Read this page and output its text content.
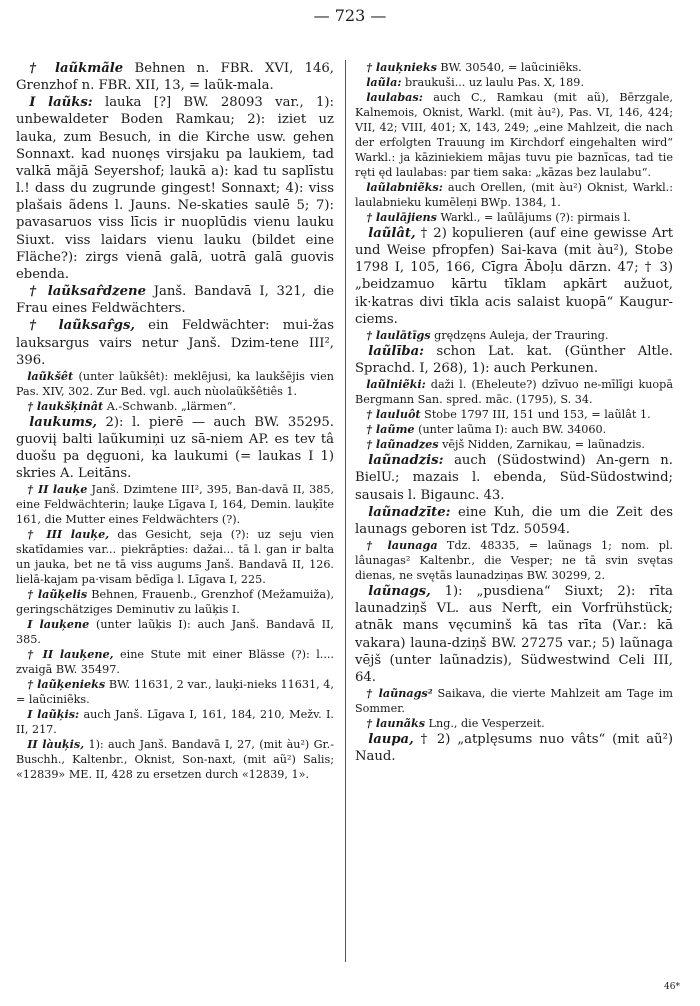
— 723 —

† laũkmãle Behnen n. FBR. XVI, 146, Grenzhof n. FBR. XII, 13, = laũk-mala.

I laũks: lauka [?] BW. 28093 var., 1): unbewaldeter Boden Ramkau; 2): iziet uz lauka, zum Besuch, in die Kirche usw. gehen Sonnaxt. kad nuonęs virsjaku pa laukiem, tad valkā mãjā Seyershof; laukā a): kad tu saplīstu l.! dass du zugrunde gingest! Sonnaxt; 4): viss plašais ãdens l. Jauns. Ne-skaties saulē 5; 7): pavasaruos viss līcis ir nuoplūdis vienu lauku Siuxt. viss laidars vienu lauku (bildet eine Fläche?): zirgs vienā galā, uotrā galā guovis ebenda.

† laũksar̂dzene Janš. Bandavā I, 321, die Frau eines Feldwächters.

† laũksar̂gs, ein Feldwächter: mui-žas lauksargus vairs netur Janš. Dzim-tene III², 396.

laũkšêt (unter laũkšêt): meklējusi, ka laukšējis vien Pas. XIV, 302. Zur Bed. vgl. auch nùolaũkšêtiês 1.

† laukšķinât A.-Schwanb. „lärmen“.

laukums, 2): l. pierē — auch BW. 35295. guoviį balti laũkumiņi uz sā-niem AP. es tev tâ duošu pa dęguoni, ka laukumi (= laukas I 1) skries A. Leitāns.

† II lauķe Janš. Dzimtene III², 395, Ban-davā II, 385, eine Feldwächterin; lauķe Līgava I, 164, Demin. lauķīte 161, die Mutter eines Feldwächters (?).

† III lauķe, das Gesicht, seja (?): uz seju vien skatīdamies var... piekrāpties: dažai... tā l. gan ir balta un jauka, bet ne tā viss augums Janš. Bandavā II, 126. lielā-kajam pa·visam bēdīga l. Līgava I, 225.

† laũķelis Behnen, Frauenb., Grenzhof (Mežamuiža), geringschätziges Deminutiv zu laũķis I.

I lauķene (unter laũķis I): auch Janš. Bandavā II, 385.

† II lauķene, eine Stute mit einer Blässe (?): l.... zvaigā BW. 35497.

† laũķenieks BW. 11631, 2 var., lauķi-nieks 11631, 4, = laũciniẽks.

I laũķis: auch Janš. Līgava I, 161, 184, 210, Mežv. I. II, 217.

II làuķis, 1): auch Janš. Bandavā I, 27, (mit àu²) Gr.-Buschh., Kaltenbr., Oknist, Son-naxt, (mit aũ²) Salis; «12839» ME. II, 428 zu ersetzen durch «12839, 1».

† lauķnieks BW. 30540, = laũciniẽks.

laũla: braukuši... uz laulu Pas. X, 189.

laulabas: auch C., Ramkau (mit aũ), Bērzgale, Kalnemois, Oknist, Warkl. (mit àu²), Pas. VI, 146, 424; VII, 42; VIII, 401; X, 143, 249; „eine Mahlzeit, die nach der erfolgten Trauung im Kirchdorf eingehalten wird“ Warkl.: ja kāziniekiem mājas tuvu pie baznīcas, tad tie ręti ęd laulabas: par tiem saka: „kāzas bez laulabu“.

laũlabniẽks: auch Orellen, (mit àu²) Oknist, Warkl.: laulabnieku kumēleņi BWp. 1384, 1.

† laulājiens Warkl., = laũlājums (?): pirmais l.

laũlât, † 2) kopulieren (auf eine gewisse Art und Weise pfropfen) Sai-kava (mit àu²), Stobe 1798 I, 105, 166, Cīgra Āboļu dārzn. 47; † 3) „beidzamuo kārtu tīklam apkārt aužuot, ik·katras divi tīkla acis salaist kuopā“ Kaugur-ciems.

† laulātīgs grędzęns Auleja, der Trauring.

laũlība: schon Lat. kat. (Günther Altle. Sprachd. I, 268), 1): auch Perkunen.

laũlniẽki: daži l. (Eheleute?) dzīvuo ne-mīlīgi kuopā Bergmann San. spred. māc. (1795), S. 34.

† lauluôt Stobe 1797 III, 151 und 153, = laũlât 1.

† laũme (unter laũma I): auch BW. 34060.

† laũnadzes vējš Nidden, Zarnikau, = laũnadzis.

laũnadzis: auch (Südostwind) An-gern n. BielU.; mazais l. ebenda, Süd-Südostwind; sausais l. Bigaunc. 43.

laũnadzīte: eine Kuh, die um die Zeit des launags geboren ist Tdz. 50594.

† launaga Tdz. 48335, = laũnags 1; nom. pl. lâunagas² Kaltenbr., die Vesper; ne tā svin svętas dienas, ne svętās launadziņas BW. 30299, 2.

laũnags, 1): „pusdiena“ Siuxt; 2): rīta launadziņš VL. aus Nerft, ein Vorfrühstück; atnāk mans vęcuminš kā tas rīta (Var.: kā vakara) launa-dziņš BW. 27275 var.; 5) laũnaga vējš (unter laũnadzis), Südwestwind Celi III, 64.

† laũnags² Saikava, die vierte Mahlzeit am Tage im Sommer.

† launãks Lng., die Vesperzeit.

laupa, † 2) „atplęsums nuo vâts“ (mit aũ²) Naud.

46*
